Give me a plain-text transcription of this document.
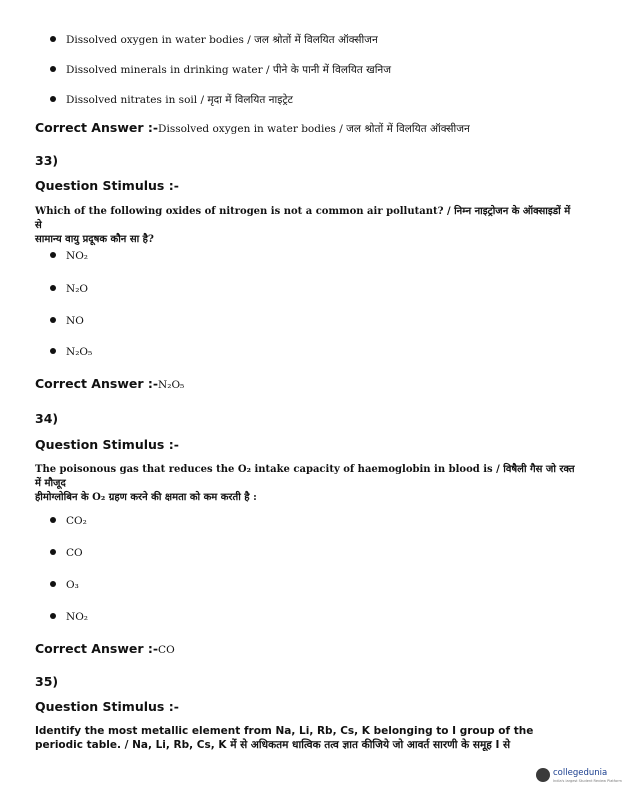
Dissolved oxygen in water bodies / जल श्रोतों में विलयित ऑक्सीजन
Dissolved minerals in drinking water / पीने के पानी में विलयित खनिज
Dissolved nitrates in soil / मृदा में विलयित नाइट्रेट
Correct Answer :-Dissolved oxygen in water bodies / जल श्रोतों में विलयित ऑक्सीजन
33)
Question Stimulus :-
Which of the following oxides of nitrogen is not a common air pollutant? / निम्न नाइट्रोजन के ऑक्साइडों में से
सामान्य वायु प्रदूषक कौन सा है?
NO₂
N₂O
NO
N₂O₅
Correct Answer :-N₂O₅
34)
Question Stimulus :-
The poisonous gas that reduces the O₂ intake capacity of haemoglobin in blood is / विषैली गैस जो रक्त में मौजूद
हीमोग्लोबिन के O₂ ग्रहण करने की क्षमता को कम करती है :
CO₂
CO
O₃
NO₂
Correct Answer :-CO
35)
Question Stimulus :-
Identify the most metallic element from Na, Li, Rb, Cs, K belonging to I group of the
periodic table. / Na, Li, Rb, Cs, K में से अधिकतम धात्विक तत्व ज्ञात कीजिये जो आवर्त सारणी के समूह I से
collegedunia
India's largest Student Review Platform
